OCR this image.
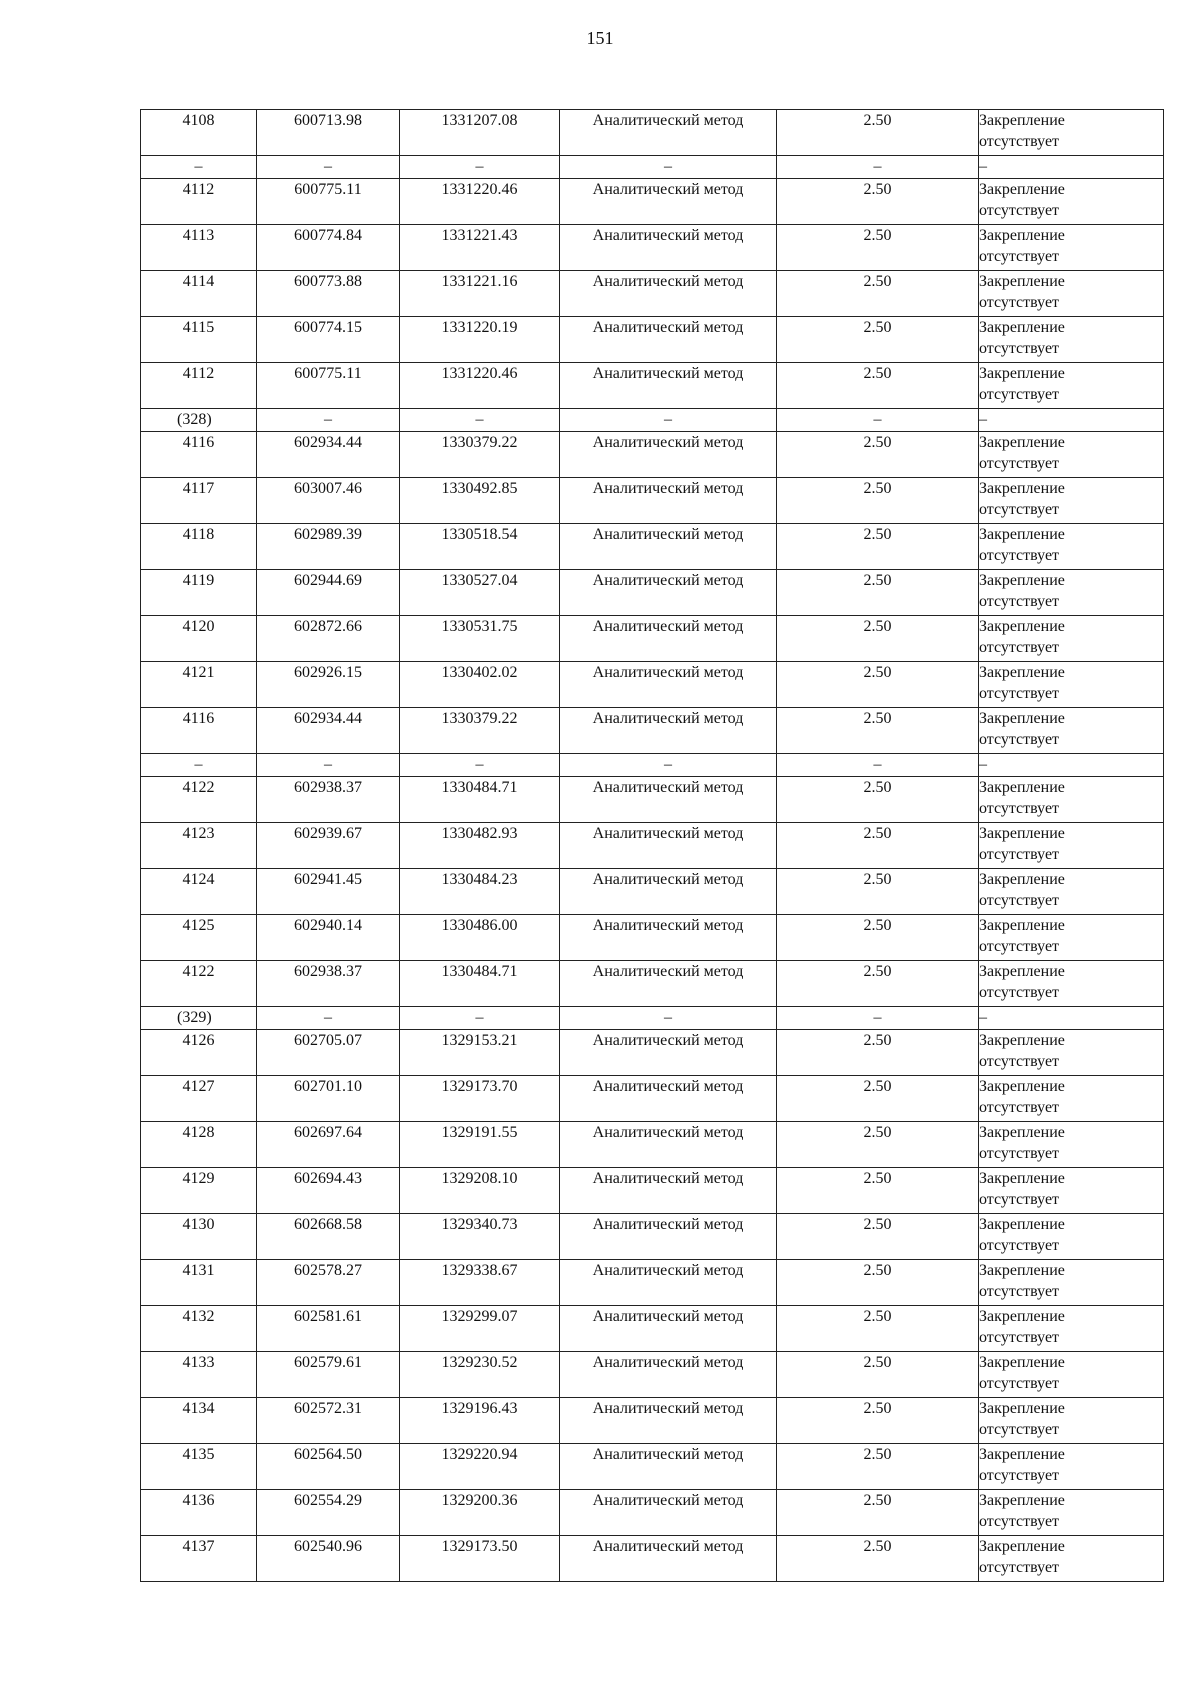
151
4108	600713.98	1331207.08	Аналитический метод	2.50	Закрепление
отсутствует

–	–	–	–	–	–

4112	600775.11	1331220.46	Аналитический метод	2.50	Закрепление
отсутствует

4113	600774.84	1331221.43	Аналитический метод	2.50	Закрепление
отсутствует

4114	600773.88	1331221.16	Аналитический метод	2.50	Закрепление
отсутствует

4115	600774.15	1331220.19	Аналитический метод	2.50	Закрепление
отсутствует

4112	600775.11	1331220.46	Аналитический метод	2.50	Закрепление
отсутствует

(328)	–	–	–	–	–

4116	602934.44	1330379.22	Аналитический метод	2.50	Закрепление
отсутствует

4117	603007.46	1330492.85	Аналитический метод	2.50	Закрепление
отсутствует

4118	602989.39	1330518.54	Аналитический метод	2.50	Закрепление
отсутствует

4119	602944.69	1330527.04	Аналитический метод	2.50	Закрепление
отсутствует

4120	602872.66	1330531.75	Аналитический метод	2.50	Закрепление
отсутствует

4121	602926.15	1330402.02	Аналитический метод	2.50	Закрепление
отсутствует

4116	602934.44	1330379.22	Аналитический метод	2.50	Закрепление
отсутствует

–	–	–	–	–	–

4122	602938.37	1330484.71	Аналитический метод	2.50	Закрепление
отсутствует

4123	602939.67	1330482.93	Аналитический метод	2.50	Закрепление
отсутствует

4124	602941.45	1330484.23	Аналитический метод	2.50	Закрепление
отсутствует

4125	602940.14	1330486.00	Аналитический метод	2.50	Закрепление
отсутствует

4122	602938.37	1330484.71	Аналитический метод	2.50	Закрепление
отсутствует

(329)	–	–	–	–	–

4126	602705.07	1329153.21	Аналитический метод	2.50	Закрепление
отсутствует

4127	602701.10	1329173.70	Аналитический метод	2.50	Закрепление
отсутствует

4128	602697.64	1329191.55	Аналитический метод	2.50	Закрепление
отсутствует

4129	602694.43	1329208.10	Аналитический метод	2.50	Закрепление
отсутствует

4130	602668.58	1329340.73	Аналитический метод	2.50	Закрепление
отсутствует

4131	602578.27	1329338.67	Аналитический метод	2.50	Закрепление
отсутствует

4132	602581.61	1329299.07	Аналитический метод	2.50	Закрепление
отсутствует

4133	602579.61	1329230.52	Аналитический метод	2.50	Закрепление
отсутствует

4134	602572.31	1329196.43	Аналитический метод	2.50	Закрепление
отсутствует

4135	602564.50	1329220.94	Аналитический метод	2.50	Закрепление
отсутствует

4136	602554.29	1329200.36	Аналитический метод	2.50	Закрепление
отсутствует

4137	602540.96	1329173.50	Аналитический метод	2.50	Закрепление
отсутствует
